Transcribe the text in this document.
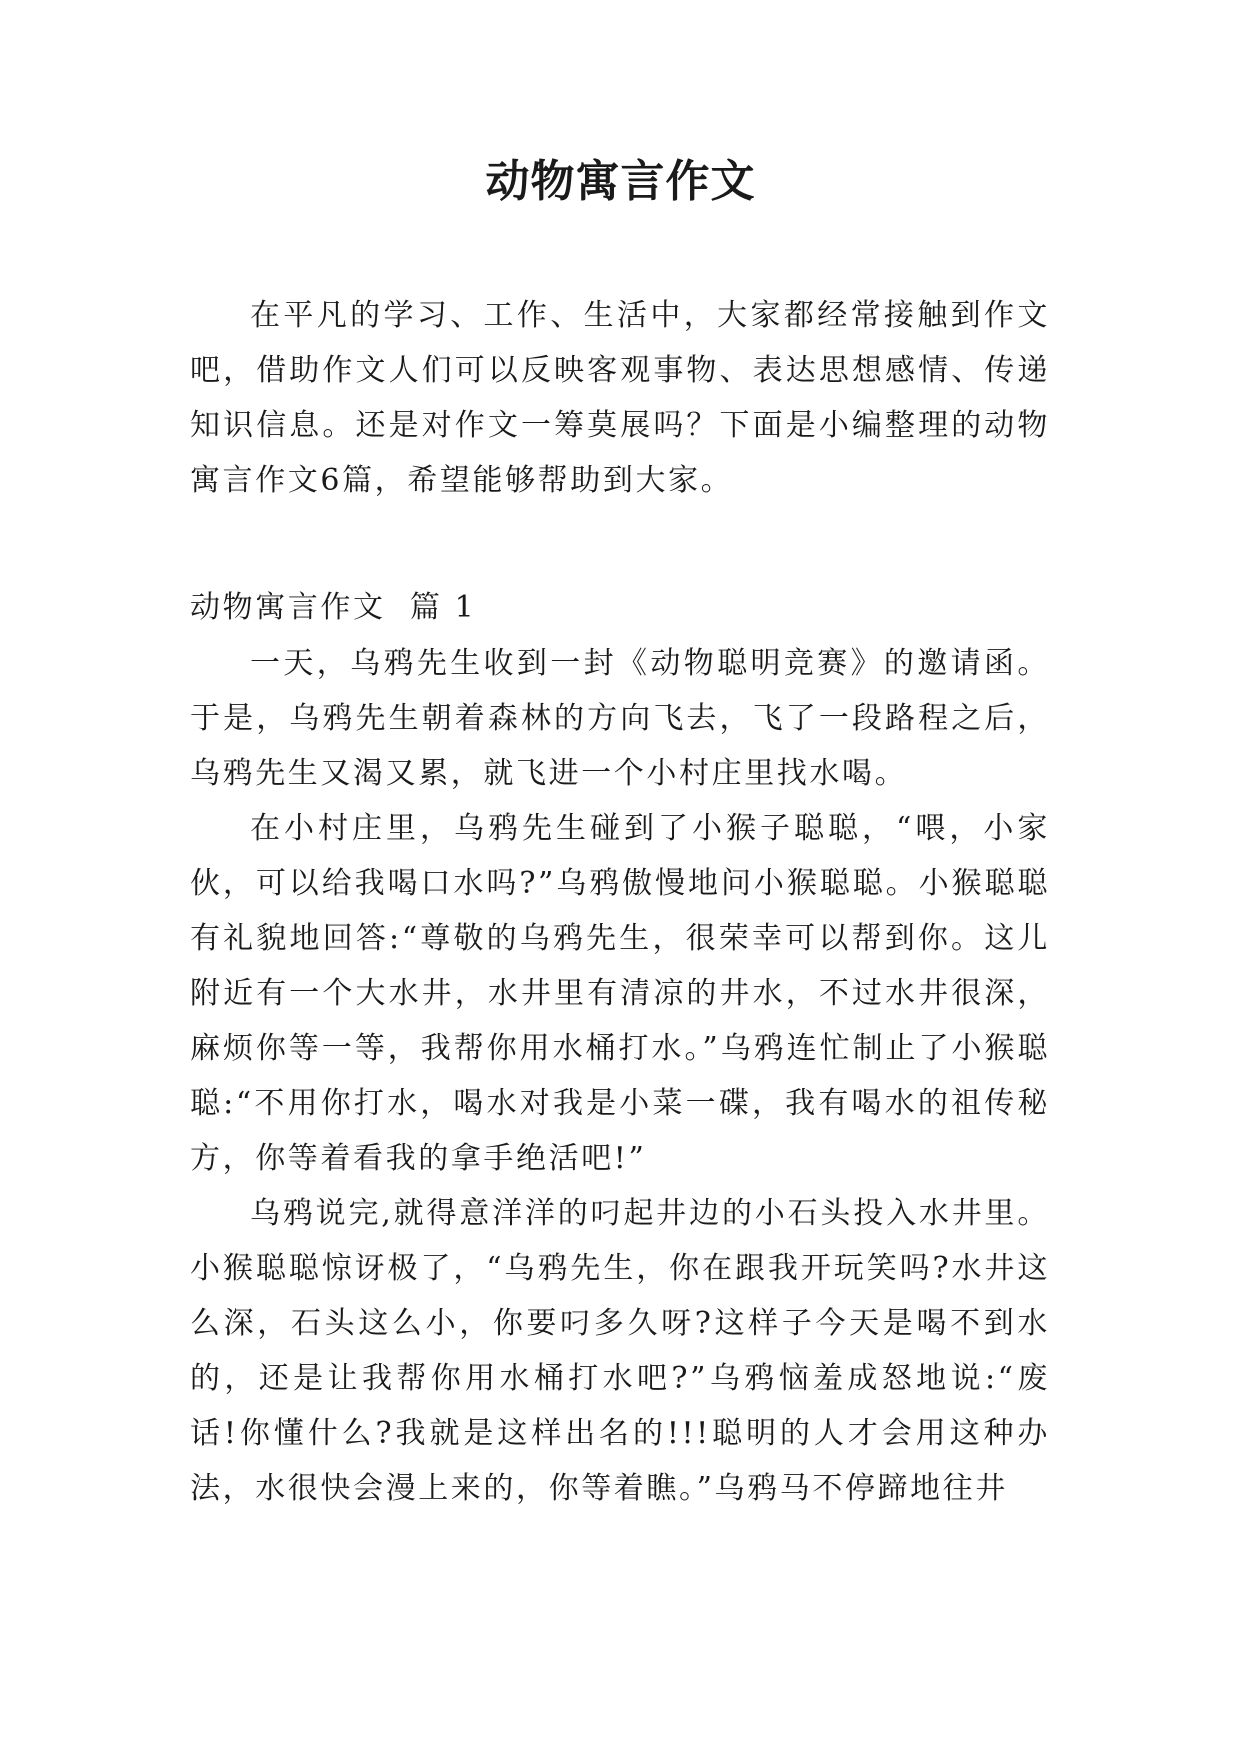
动物寓言作文

在平凡的学习、工作、生活中，大家都经常接触到作文吧，借助作文人们可以反映客观事物、表达思想感情、传递知识信息。还是对作文一筹莫展吗？下面是小编整理的动物寓言作文6篇，希望能够帮助到大家。

动物寓言作文  篇 1

一天，乌鸦先生收到一封《动物聪明竞赛》的邀请函。于是，乌鸦先生朝着森林的方向飞去，飞了一段路程之后，乌鸦先生又渴又累，就飞进一个小村庄里找水喝。

在小村庄里，乌鸦先生碰到了小猴子聪聪，“喂，小家伙，可以给我喝口水吗?”乌鸦傲慢地问小猴聪聪。小猴聪聪有礼貌地回答:“尊敬的乌鸦先生，很荣幸可以帮到你。这儿附近有一个大水井，水井里有清凉的井水，不过水井很深，麻烦你等一等，我帮你用水桶打水。”乌鸦连忙制止了小猴聪聪:“不用你打水，喝水对我是小菜一碟，我有喝水的祖传秘方，你等着看我的拿手绝活吧!”

乌鸦说完,就得意洋洋的叼起井边的小石头投入水井里。小猴聪聪惊讶极了，“乌鸦先生，你在跟我开玩笑吗?水井这么深，石头这么小，你要叼多久呀?这样子今天是喝不到水的，还是让我帮你用水桶打水吧?”乌鸦恼羞成怒地说:“废话!你懂什么?我就是这样出名的!!!聪明的人才会用这种办法，水很快会漫上来的，你等着瞧。”乌鸦马不停蹄地往井
